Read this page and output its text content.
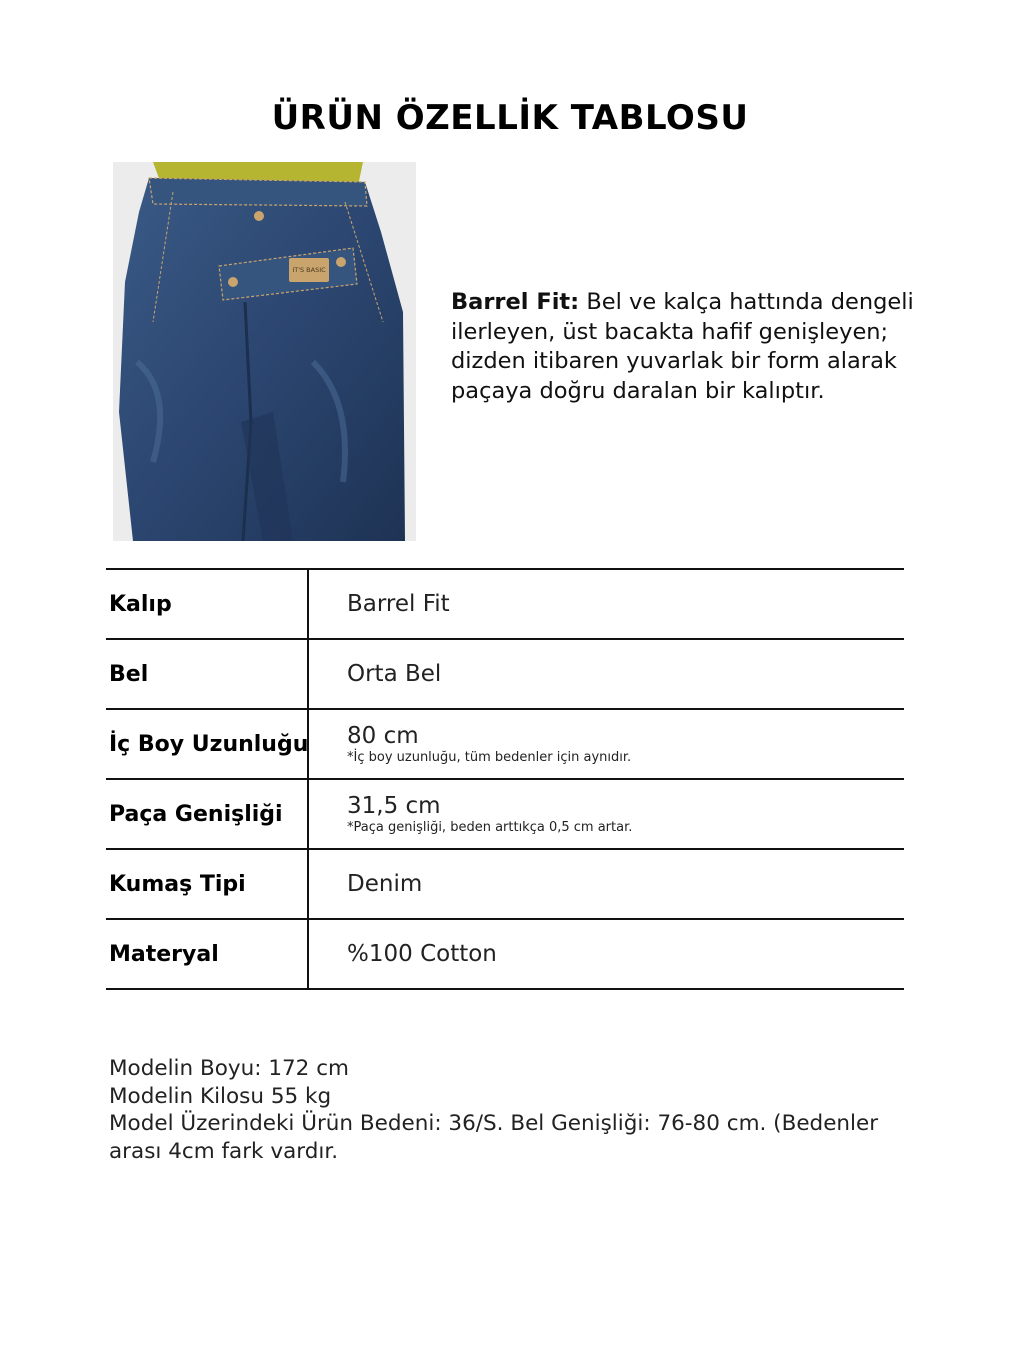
ÜRÜN ÖZELLİK TABLOSU
IT'S BASIC
Barrel Fit: Bel ve kalça hattında dengeli
ilerleyen, üst bacakta hafif genişleyen;
dizden itibaren yuvarlak bir form alarak
paçaya doğru daralan bir kalıptır.
Kalıp	Barrel Fit
Bel	Orta Bel
İç Boy Uzunluğu 80 cm
*İç boy uzunluğu, tüm bedenler için aynıdır.
Paça Genişliği	31,5 cm
*Paça genişliği, beden arttıkça 0,5 cm artar.
Kumaş Tipi	Denim
Materyal	%100 Cotton
Modelin Boyu: 172 cm
Modelin Kilosu 55 kg
Model Üzerindeki Ürün Bedeni: 36/S. Bel Genişliği: 76-80 cm. (Bedenler
arası 4cm fark vardır.
